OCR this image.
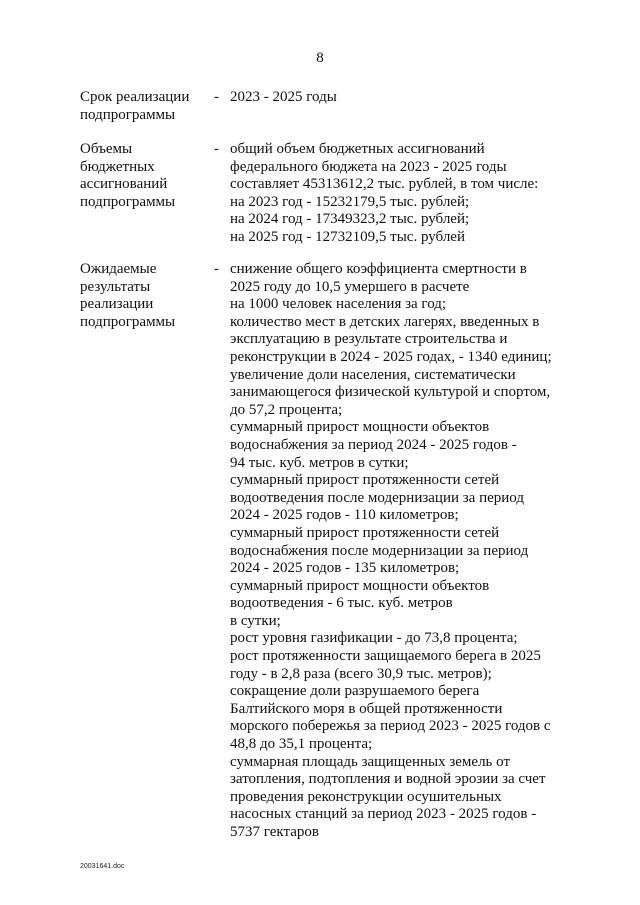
8
Срок реализации
подпрограммы
- 2023 - 2025 годы
Объемы
бюджетных
ассигнований
подпрограммы
- общий объем бюджетных ассигнований
федерального бюджета на 2023 - 2025 годы
составляет 45313612,2 тыс. рублей, в том числе:
на 2023 год - 15232179,5 тыс. рублей;
на 2024 год - 17349323,2 тыс. рублей;
на 2025 год - 12732109,5 тыс. рублей
Ожидаемые
результаты
реализации
подпрограммы
- снижение общего коэффициента смертности в
2025 году до 10,5 умершего в расчете
на 1000 человек населения за год;
количество мест в детских лагерях, введенных в
эксплуатацию в результате строительства и
реконструкции в 2024 - 2025 годах, - 1340 единиц;
увеличение доли населения, систематически
занимающегося физической культурой и спортом,
до 57,2 процента;
суммарный прирост мощности объектов
водоснабжения за период 2024 - 2025 годов -
94 тыс. куб. метров в сутки;
суммарный прирост протяженности сетей
водоотведения после модернизации за период
2024 - 2025 годов - 110 километров;
суммарный прирост протяженности сетей
водоснабжения после модернизации за период
2024 - 2025 годов - 135 километров;
суммарный прирост мощности объектов
водоотведения - 6 тыс. куб. метров
в сутки;
рост уровня газификации - до 73,8 процента;
рост протяженности защищаемого берега в 2025
году - в 2,8 раза (всего 30,9 тыс. метров);
сокращение доли разрушаемого берега
Балтийского моря в общей протяженности
морского побережья за период 2023 - 2025 годов с
48,8 до 35,1 процента;
суммарная площадь защищенных земель от
затопления, подтопления и водной эрозии за счет
проведения реконструкции осушительных
насосных станций за период 2023 - 2025 годов -
5737 гектаров
20031641.doc
